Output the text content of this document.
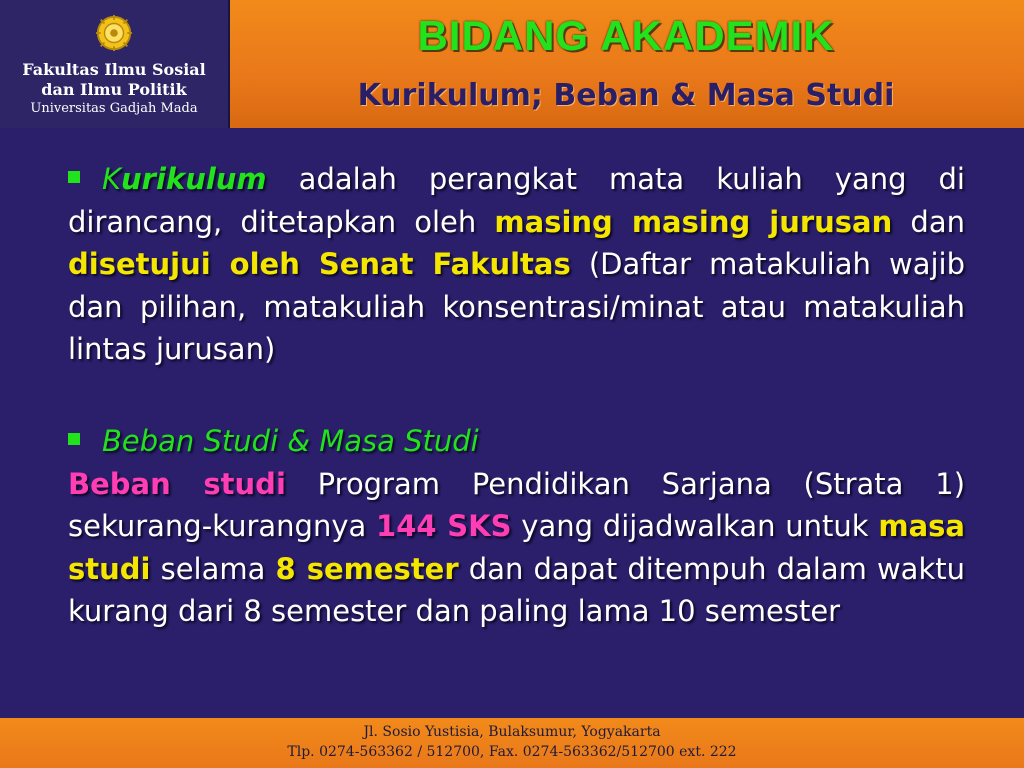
Fakultas Ilmu Sosial
dan Ilmu Politik
Universitas Gadjah Mada
BIDANG AKADEMIK
Kurikulum; Beban & Masa Studi
Kurikulum adalah perangkat mata kuliah yang di dirancang, ditetapkan oleh masing masing jurusan dan disetujui oleh Senat Fakultas (Daftar matakuliah wajib dan pilihan, matakuliah konsentrasi/minat atau matakuliah lintas jurusan)
Beban Studi & Masa Studi
Beban studi Program Pendidikan Sarjana (Strata 1) sekurang-kurangnya 144 SKS yang dijadwalkan untuk masa studi selama 8 semester dan dapat ditempuh dalam waktu kurang dari 8 semester dan paling lama 10 semester
Jl. Sosio Yustisia, Bulaksumur, Yogyakarta
Tlp. 0274-563362 / 512700, Fax. 0274-563362/512700 ext. 222
